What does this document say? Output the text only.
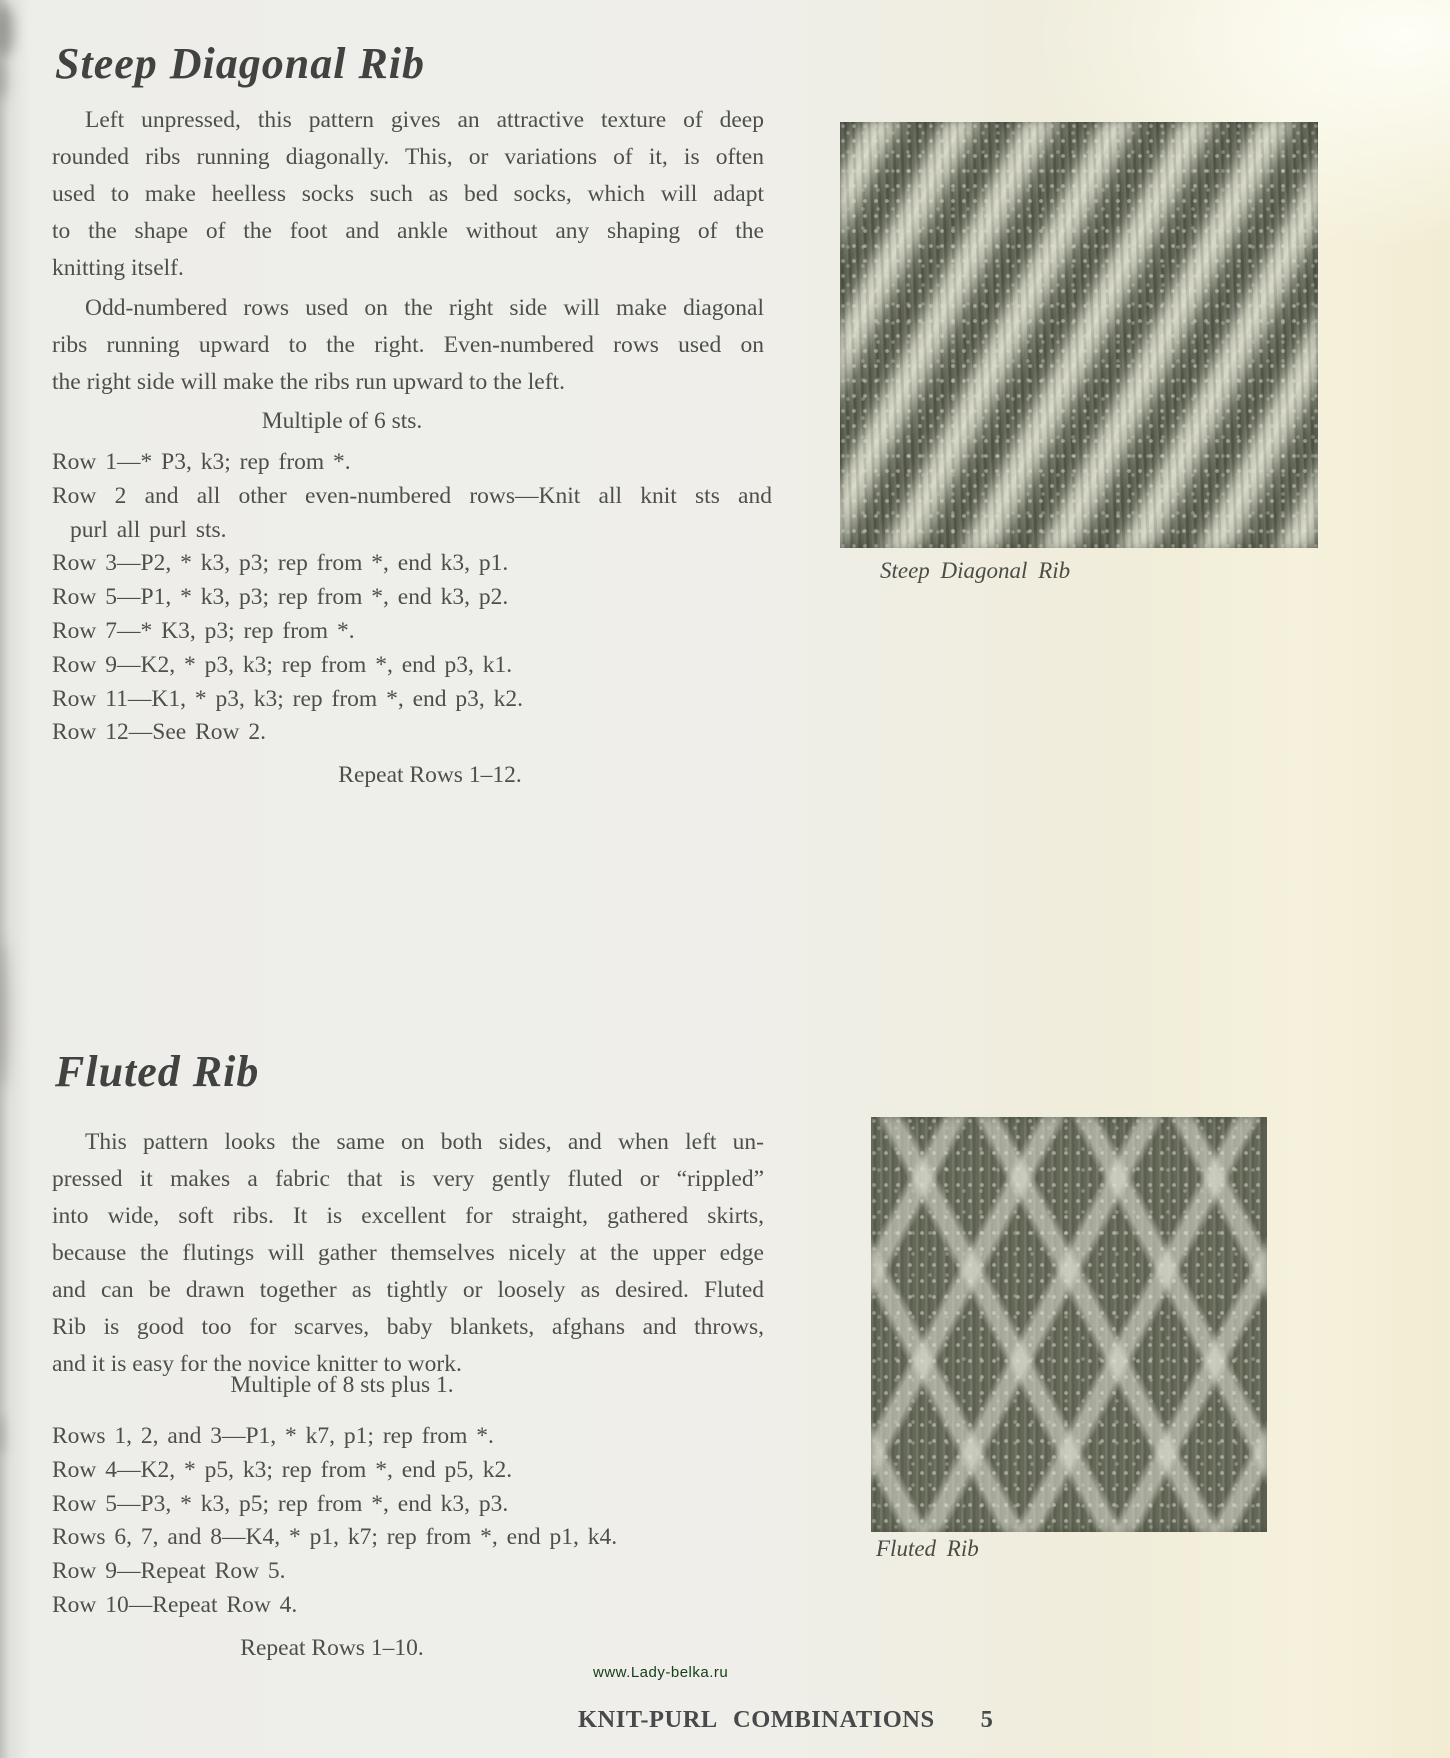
Steep Diagonal Rib
Left unpressed, this pattern gives an attractive texture of deep
rounded ribs running diagonally. This, or variations of it, is often
used to make heelless socks such as bed socks, which will adapt
to the shape of the foot and ankle without any shaping of the
knitting itself.
Odd-numbered rows used on the right side will make diagonal
ribs running upward to the right. Even-numbered rows used on
the right side will make the ribs run upward to the left.
Multiple of 6 sts.
Row 1—* P3, k3; rep from *.
Row 2 and all other even-numbered rows—Knit all knit sts and
purl all purl sts.
Row 3—P2, * k3, p3; rep from *, end k3, p1.
Row 5—P1, * k3, p3; rep from *, end k3, p2.
Row 7—* K3, p3; rep from *.
Row 9—K2, * p3, k3; rep from *, end p3, k1.
Row 11—K1, * p3, k3; rep from *, end p3, k2.
Row 12—See Row 2.
Repeat Rows 1–12.
Steep Diagonal Rib
Fluted Rib
This pattern looks the same on both sides, and when left un-
pressed it makes a fabric that is very gently fluted or “rippled”
into wide, soft ribs. It is excellent for straight, gathered skirts,
because the flutings will gather themselves nicely at the upper edge
and can be drawn together as tightly or loosely as desired. Fluted
Rib is good too for scarves, baby blankets, afghans and throws,
and it is easy for the novice knitter to work.
Multiple of 8 sts plus 1.
Rows 1, 2, and 3—P1, * k7, p1; rep from *.
Row 4—K2, * p5, k3; rep from *, end p5, k2.
Row 5—P3, * k3, p5; rep from *, end k3, p3.
Rows 6, 7, and 8—K4, * p1, k7; rep from *, end p1, k4.
Row 9—Repeat Row 5.
Row 10—Repeat Row 4.
Repeat Rows 1–10.
Fluted Rib
www.Lady-belka.ru
KNIT-PURL COMBINATIONS 5
